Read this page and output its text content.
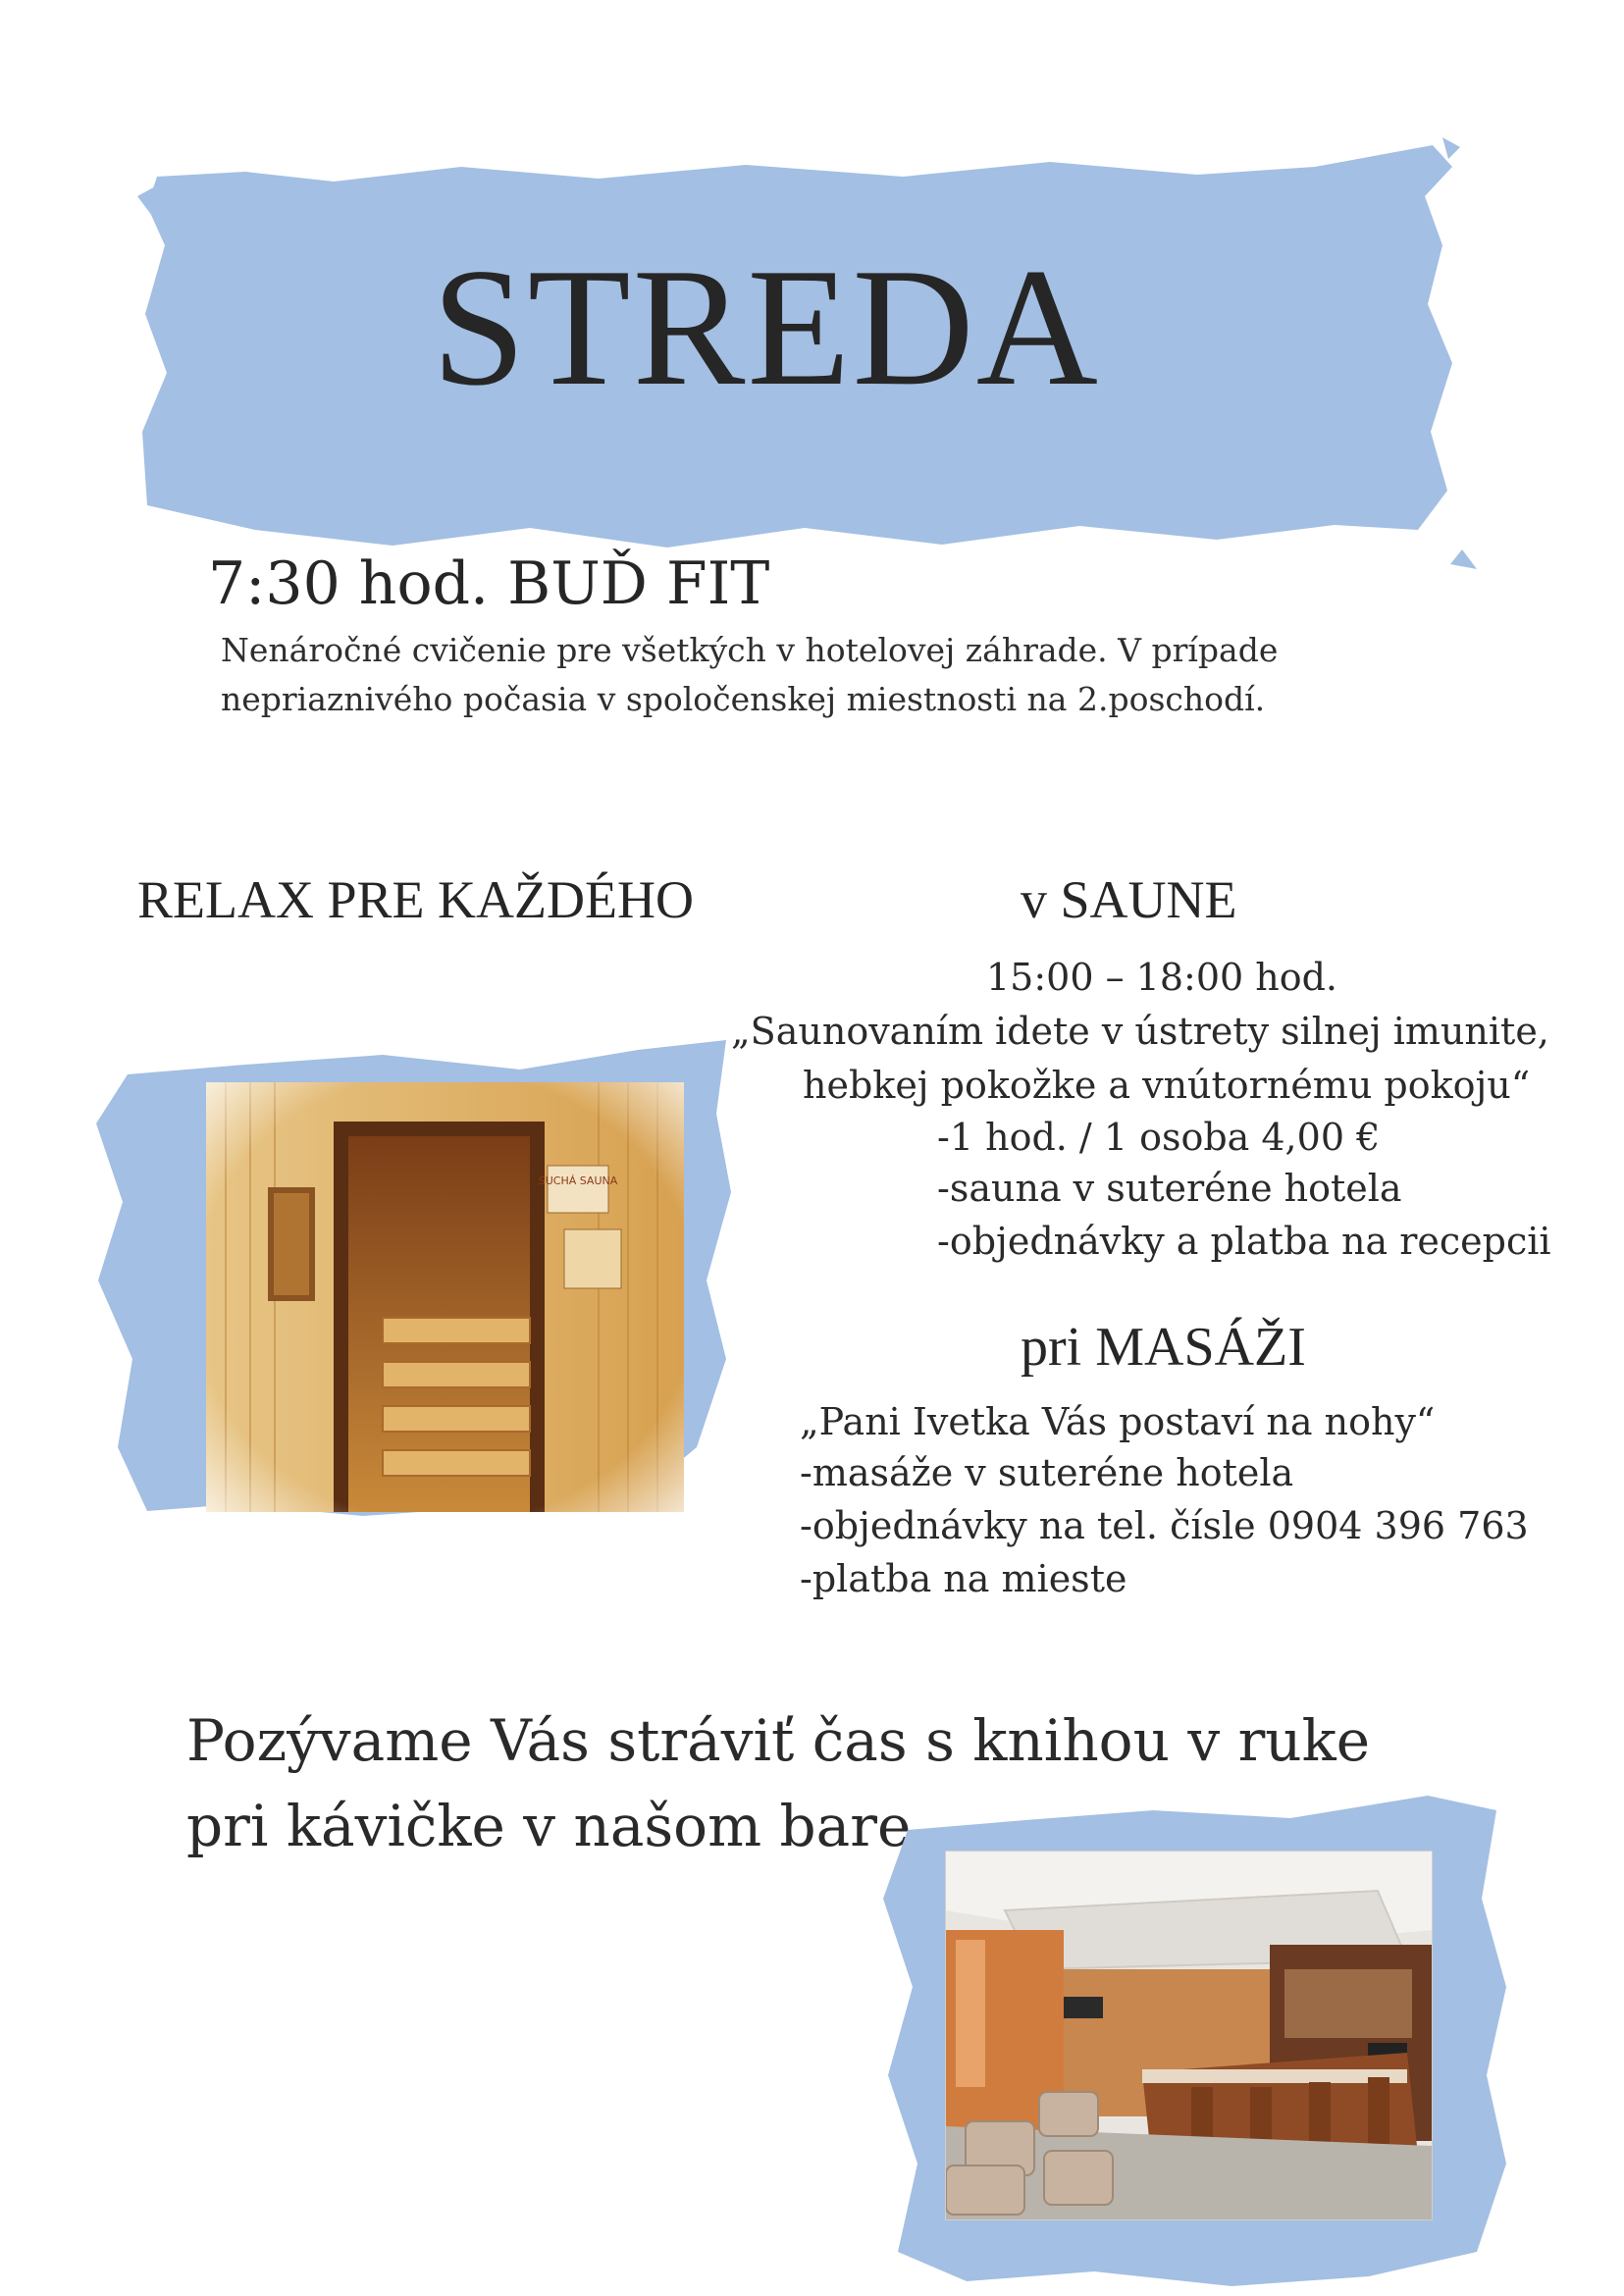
STREDA
7:30 hod. BUĎ FIT
Nenáročné cvičenie pre všetkých v hotelovej záhrade. V prípade
nepriaznivého počasia v spoločenskej miestnosti na 2.poschodí.
RELAX PRE KAŽDÉHO	v SAUNE
15:00 – 18:00 hod.
„Saunovaním idete v ústrety silnej imunite,
hebkej pokožke a vnútornému pokoju“
-1 hod. / 1 osoba 4,00 €
-sauna v suteréne hotela
-objednávky a platba na recepcii
pri MASÁŽI
„Pani Ivetka Vás postaví na nohy“
-masáže v suteréne hotela
-objednávky na tel. čísle 0904 396 763
-platba na mieste
Pozývame Vás stráviť čas s knihou v ruke
pri kávičke v našom bare
